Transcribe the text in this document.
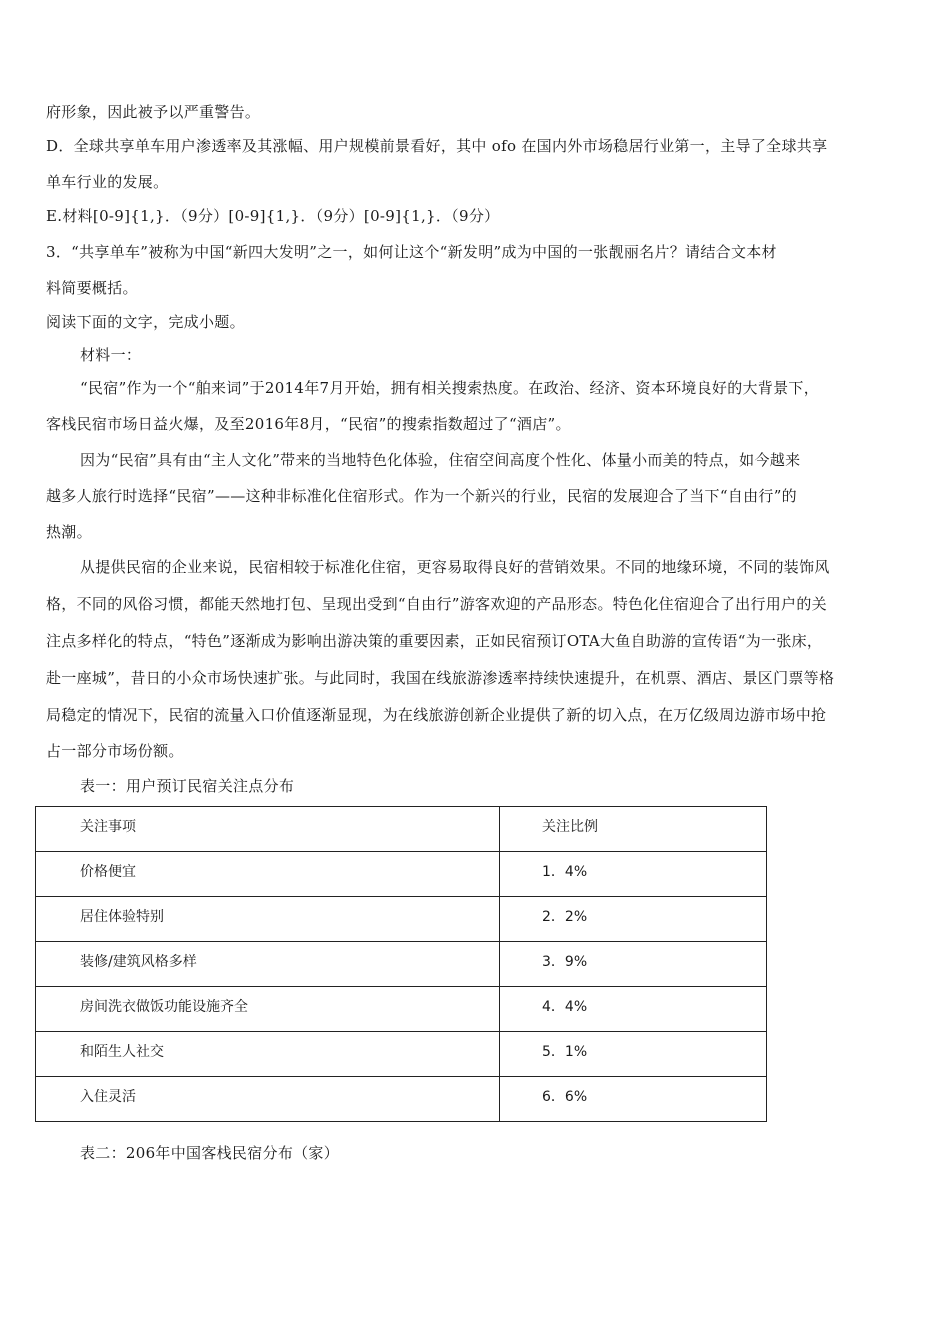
府形象，因此被予以严重警告。
D．全球共享单车用户渗透率及其涨幅、用户规模前景看好，其中 ofo 在国内外市场稳居行业第一，主导了全球共享
单车行业的发展。
E.材料[0-9]{1,}．（9分）[0-9]{1,}．（9分）[0-9]{1,}．（9分）
3．“共享单车”被称为中国“新四大发明”之一，如何让这个“新发明”成为中国的一张靓丽名片？请结合文本材
料简要概括。
阅读下面的文字，完成小题。
材料一：
“民宿”作为一个“舶来词”于2014年7月开始，拥有相关搜索热度。在政治、经济、资本环境良好的大背景下，
客栈民宿市场日益火爆，及至2016年8月，“民宿”的搜索指数超过了“酒店”。
因为“民宿”具有由“主人文化”带来的当地特色化体验，住宿空间高度个性化、体量小而美的特点，如今越来
越多人旅行时选择“民宿”——这种非标准化住宿形式。作为一个新兴的行业，民宿的发展迎合了当下“自由行”的
热潮。
从提供民宿的企业来说，民宿相较于标准化住宿，更容易取得良好的营销效果。不同的地缘环境，不同的装饰风
格，不同的风俗习惯，都能天然地打包、呈现出受到“自由行”游客欢迎的产品形态。特色化住宿迎合了出行用户的关
注点多样化的特点，“特色”逐渐成为影响出游决策的重要因素，正如民宿预订OTA大鱼自助游的宣传语“为一张床，
赴一座城”，昔日的小众市场快速扩张。与此同时，我国在线旅游渗透率持续快速提升，在机票、酒店、景区门票等格
局稳定的情况下，民宿的流量入口价值逐渐显现，为在线旅游创新企业提供了新的切入点，在万亿级周边游市场中抢
占一部分市场份额。
表一：用户预订民宿关注点分布
关注事项	关注比例

价格便宜	1．4%

居住体验特别	2．2%

装修/建筑风格多样	3．9%

房间洗衣做饭功能设施齐全	4．4%

和陌生人社交	5．1%

入住灵活	6．6%
表二：206年中国客栈民宿分布（家）
